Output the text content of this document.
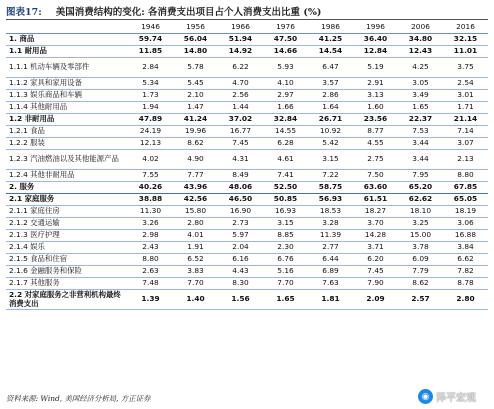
图表17: 美国消费结构的变化: 各消费支出项目占个人消费支出比重 (%)
	1946	1956	1966	1976	1986	1996	2006	2016
1. 商品	59.74	56.04	51.94	47.50	41.25	36.40	34.80	32.15
1.1 耐用品	11.85	14.80	14.92	14.66	14.54	12.84	12.43	11.01
1.1.1 机动车辆及零部件	2.84	5.78	6.22	5.93	6.47	5.19	4.25	3.75
1.1.2 家具和家用设备	5.34	5.45	4.70	4.10	3.57	2.91	3.05	2.54
1.1.3 娱乐商品和车辆	1.73	2.10	2.56	2.97	2.86	3.13	3.49	3.01
1.1.4 其他耐用品	1.94	1.47	1.44	1.66	1.64	1.60	1.65	1.71
1.2 非耐用品	47.89	41.24	37.02	32.84	26.71	23.56	22.37	21.14
1.2.1 食品	24.19	19.96	16.77	14.55	10.92	8.77	7.53	7.14
1.2.2 服装	12.13	8.62	7.45	6.28	5.42	4.55	3.44	3.07
1.2.3 汽油燃油以及其他能源产品	4.02	4.90	4.31	4.61	3.15	2.75	3.44	2.13
1.2.4 其他非耐用品	7.55	7.77	8.49	7.41	7.22	7.50	7.95	8.80
2. 服务	40.26	43.96	48.06	52.50	58.75	63.60	65.20	67.85
2.1 家庭服务	38.88	42.56	46.50	50.85	56.93	61.51	62.62	65.05
2.1.1 家庭住房	11.30	15.80	16.90	16.93	18.53	18.27	18.10	18.19
2.1.2 交通运输	3.26	2.80	2.73	3.15	3.28	3.70	3.25	3.06
2.1.3 医疗护理	2.98	4.01	5.97	8.85	11.39	14.28	15.00	16.88
2.1.4 娱乐	2.43	1.91	2.04	2.30	2.77	3.71	3.78	3.84
2.1.5 食品和住宿	8.80	6.52	6.16	6.76	6.44	6.20	6.09	6.62
2.1.6 金融服务和保险	2.63	3.83	4.43	5.16	6.89	7.45	7.79	7.82
2.1.7 其他服务	7.48	7.70	8.30	7.70	7.63	7.90	8.62	8.78
2.2 对家庭服务之非营利机构最终消费支出	1.39	1.40	1.56	1.65	1.81	2.09	2.57	2.80
资料来源: Wind, 美国经济分析局, 方正证券	◉ 泽平宏观
